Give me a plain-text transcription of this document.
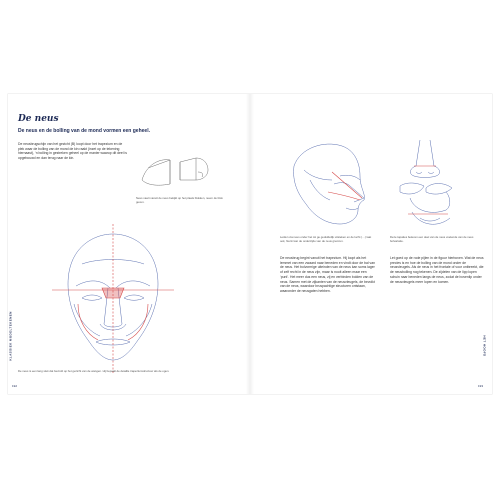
De neus

De neus en de bolling van de mond vormen een geheel.

De neusbrugschijn van het gezicht (B) loopt door het trapezium en de plek waar de bolling van de mond de kin raakt (inzet op de tekening hiernaast), ‘n bolling in gestreken geheel op de manier waarop dit deel is opgebouwd en dan terug naar de kin.

Neus vaart vanuit de neus bekijkt op het plaats blokken, neem de blok geven.

De neus is een lang stuk dat bevindt op het gezicht van de wangen. Hij bepaalt de detaille trapeziumstructuur als de ogen.

KLASSIEK MODELTEKENEN
192

Leiden via neus onder het tot ge geduldelijk uitsteken en de lucht (…) laat ook, hierin kan de onderzijde van de neus grenzen.

Deze tapaties beleven een deel van de neus voelende van de neus bolvariatie.

De neusbrug begint vanuit het trapezium. Hij loopt als het lemmet van een zwaard naar beneden en vindt door de bal van de neus. Het bolvormige uiteinden van de neus kan soms lager of zelf recht in de neus zijn, maar is nooit alleen maar een ‘punt’. Het meer dus een neus, zij en verbinden bolden van de neus. Samen met de zijkanten van de neusvleugels, de bevolkt van de neus, waardoor bruspachtige structuren ontstaan, waaronder de neusgaten hebben.

Let goed op de rode pijlen in de figuur hierboven. Wat de neus precies is en hoe de bolling van de mond onder de neusvleugels. Als de neus in het frontale of voor ontbreekt, die de neusbolling nog tekenen. De zijdelen van de lipp lopen schuin naar beneden langs de neus, zodat de bovenlip onder de neusvleugels meer lopen en komen.

HET HOOFD
193
